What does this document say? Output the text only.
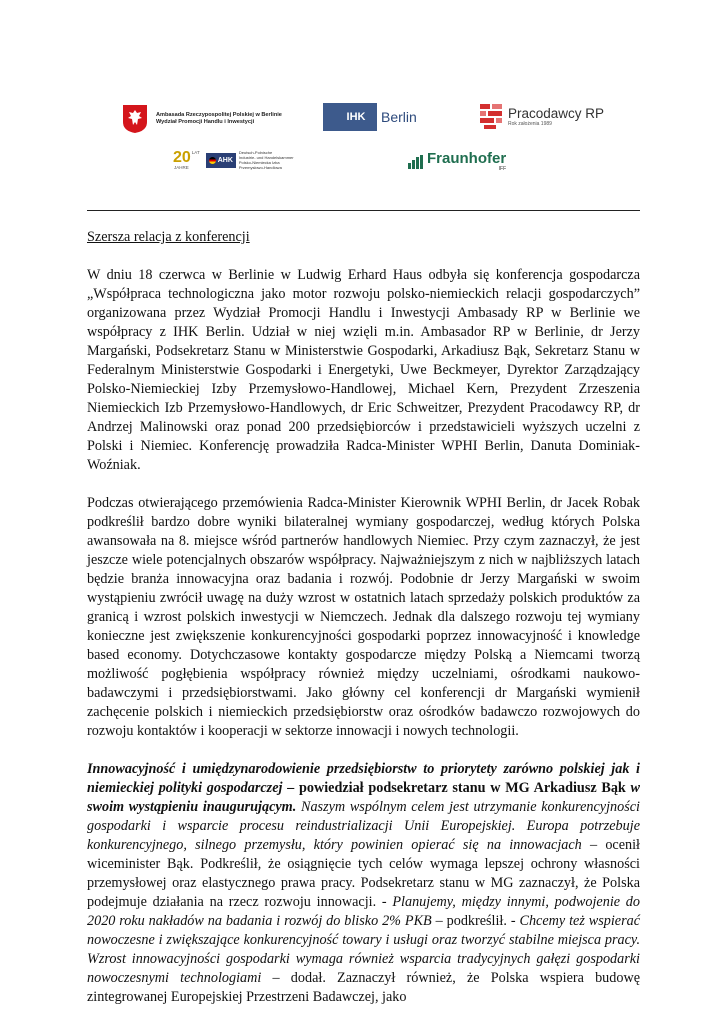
Ambasada Rzeczypospolitej Polskiej w Berlinie
Wydział Promocji Handlu i Inwestycji	IHK Berlin	Pracodawcy RP
Rok założenia 1989
20 LAT
JAHRE
AHK
Deutsch-Polnische
Industrie- und Handelskammer
Polsko-Niemiecka Izba
Przemysłowo-Handlowa
Fraunhofer
IFF

Szersza relacja z konferencji

W dniu 18 czerwca w Berlinie w Ludwig Erhard Haus odbyła się konferencja gospodarcza „Współpraca technologiczna jako motor rozwoju polsko-niemieckich relacji gospodarczych” organizowana przez Wydział Promocji Handlu i Inwestycji Ambasady RP w Berlinie we współpracy z IHK Berlin. Udział w niej wzięli m.in. Ambasador RP w Berlinie, dr Jerzy Margański, Podsekretarz Stanu w Ministerstwie Gospodarki, Arkadiusz Bąk, Sekretarz Stanu w Federalnym Ministerstwie Gospodarki i Energetyki, Uwe Beckmeyer, Dyrektor Zarządzający Polsko-Niemieckiej Izby Przemysłowo-Handlowej, Michael Kern, Prezydent Zrzeszenia Niemieckich Izb Przemysłowo-Handlowych, dr Eric Schweitzer, Prezydent Pracodawcy RP, dr Andrzej Malinowski oraz ponad 200 przedsiębiorców i przedstawicieli wyższych uczelni z Polski i Niemiec. Konferencję prowadziła Radca-Minister WPHI Berlin, Danuta Dominiak-Woźniak.

Podczas otwierającego przemówienia Radca-Minister Kierownik WPHI Berlin, dr Jacek Robak podkreślił bardzo dobre wyniki bilateralnej wymiany gospodarczej, według których Polska awansowała na 8. miejsce wśród partnerów handlowych Niemiec. Przy czym zaznaczył, że jest jeszcze wiele potencjalnych obszarów współpracy. Najważniejszym z nich w najbliższych latach będzie branża innowacyjna oraz badania i rozwój. Podobnie dr Jerzy Margański w swoim wystąpieniu zwrócił uwagę na duży wzrost w ostatnich latach sprzedaży polskich produktów za granicą i wzrost polskich inwestycji w Niemczech. Jednak dla dalszego rozwoju tej wymiany konieczne jest zwiększenie konkurencyjności gospodarki poprzez innowacyjność i knowledge based economy. Dotychczasowe kontakty gospodarcze między Polską a Niemcami tworzą możliwość pogłębienia współpracy również między uczelniami, ośrodkami naukowo-badawczymi i przedsiębiorstwami. Jako główny cel konferencji dr Margański wymienił zachęcenie polskich i niemieckich przedsiębiorstw oraz ośrodków badawczo rozwojowych do rozwoju kontaktów i kooperacji w sektorze innowacji i nowych technologii.

Innowacyjność i umiędzynarodowienie przedsiębiorstw to priorytety zarówno polskiej jak i niemieckiej polityki gospodarczej – powiedział podsekretarz stanu w MG Arkadiusz Bąk w swoim wystąpieniu inaugurującym. Naszym wspólnym celem jest utrzymanie konkurencyjności gospodarki i wsparcie procesu reindustrializacji Unii Europejskiej. Europa potrzebuje konkurencyjnego, silnego przemysłu, który powinien opierać się na innowacjach – ocenił wiceminister Bąk. Podkreślił, że osiągnięcie tych celów wymaga lepszej ochrony własności przemysłowej oraz elastycznego prawa pracy. Podsekretarz stanu w MG zaznaczył, że Polska podejmuje działania na rzecz rozwoju innowacji. - Planujemy, między innymi, podwojenie do 2020 roku nakładów na badania i rozwój do blisko 2% PKB – podkreślił. - Chcemy też wspierać nowoczesne i zwiększające konkurencyjność towary i usługi oraz tworzyć stabilne miejsca pracy. Wzrost innowacyjności gospodarki wymaga również wsparcia tradycyjnych gałęzi gospodarki nowoczesnymi technologiami – dodał. Zaznaczył również, że Polska wspiera budowę zintegrowanej Europejskiej Przestrzeni Badawczej, jako
